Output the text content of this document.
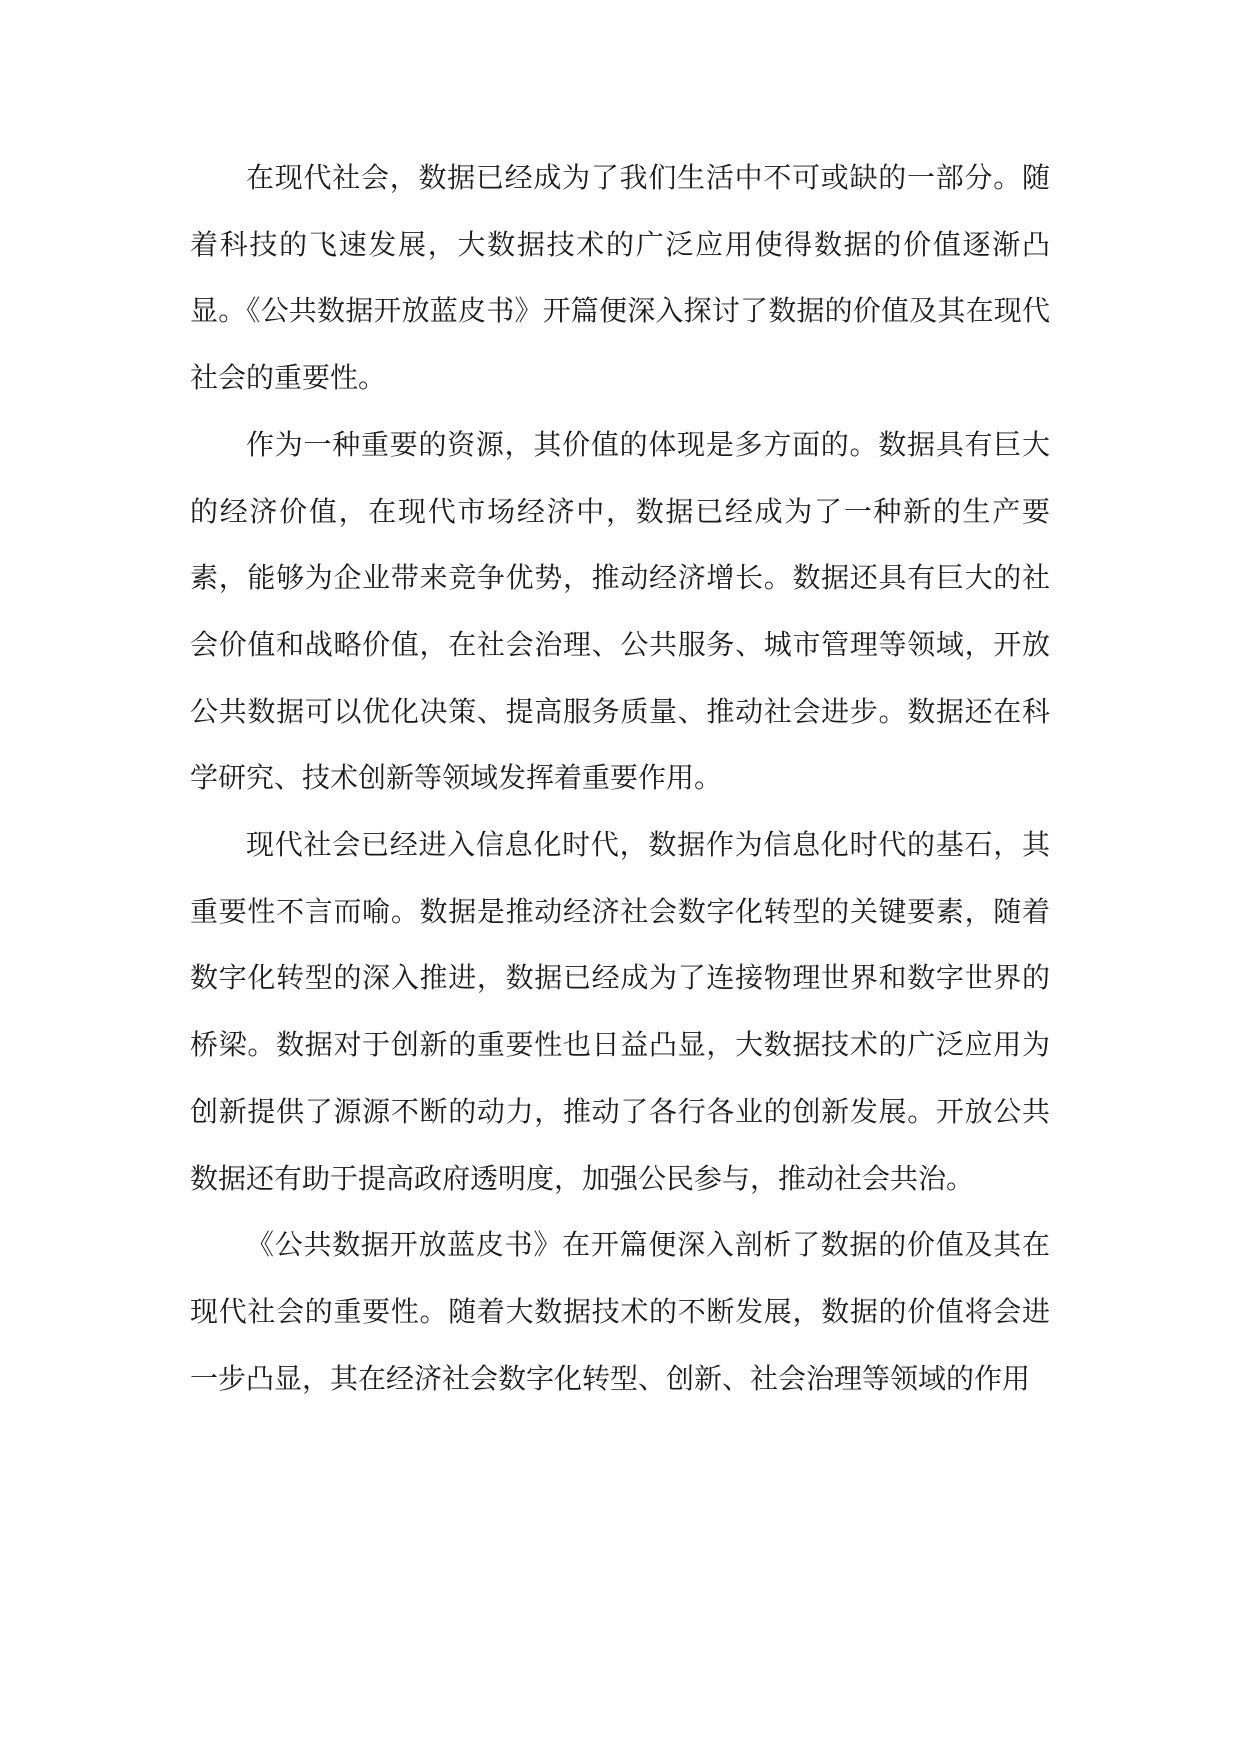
在现代社会，数据已经成为了我们生活中不可或缺的一部分。随着科技的飞速发展，大数据技术的广泛应用使得数据的价值逐渐凸显。《公共数据开放蓝皮书》开篇便深入探讨了数据的价值及其在现代社会的重要性。

作为一种重要的资源，其价值的体现是多方面的。数据具有巨大的经济价值，在现代市场经济中，数据已经成为了一种新的生产要素，能够为企业带来竞争优势，推动经济增长。数据还具有巨大的社会价值和战略价值，在社会治理、公共服务、城市管理等领域，开放公共数据可以优化决策、提高服务质量、推动社会进步。数据还在科学研究、技术创新等领域发挥着重要作用。

现代社会已经进入信息化时代，数据作为信息化时代的基石，其重要性不言而喻。数据是推动经济社会数字化转型的关键要素，随着数字化转型的深入推进，数据已经成为了连接物理世界和数字世界的桥梁。数据对于创新的重要性也日益凸显，大数据技术的广泛应用为创新提供了源源不断的动力，推动了各行各业的创新发展。开放公共数据还有助于提高政府透明度，加强公民参与，推动社会共治。

《公共数据开放蓝皮书》在开篇便深入剖析了数据的价值及其在现代社会的重要性。随着大数据技术的不断发展，数据的价值将会进一步凸显，其在经济社会数字化转型、创新、社会治理等领域的作用
